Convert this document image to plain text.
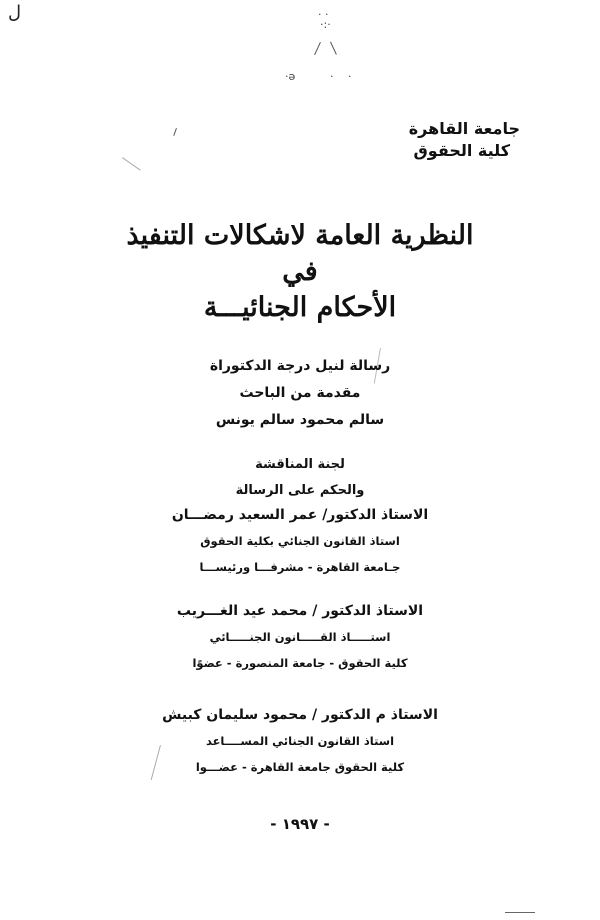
ل	· ·
·:·
·ə	· ·
جامعة القاهرة
كلية الحقوق
النظرية العامة لاشكالات التنفيذ
في
الأحكام الجنائيـــة
رسالة لنيل درجة الدكتوراة
مقدمة من الباحث
سالم محمود سالم يونس
لجنة المناقشة
والحكم على الرسالة
الاستاذ الدكتور/ عمر السعيد رمضـــان
استاذ القانون الجنائي بكلية الحقوق
جـامعة القاهرة - مشرفـــا ورئيســـا
الاستاذ الدكتور / محمد عيد الغـــريب
استـــــاذ القـــــانون الجنـــــائي
كلية الحقوق - جامعة المنصورة - عضوًا
الاستاذ م الدكتور / محمود سليمان كبيش
استاذ القانون الجنائي المســــاعد
كلية الحقوق جامعة القاهرة - عضـــوا
- ١٩٩٧ -
